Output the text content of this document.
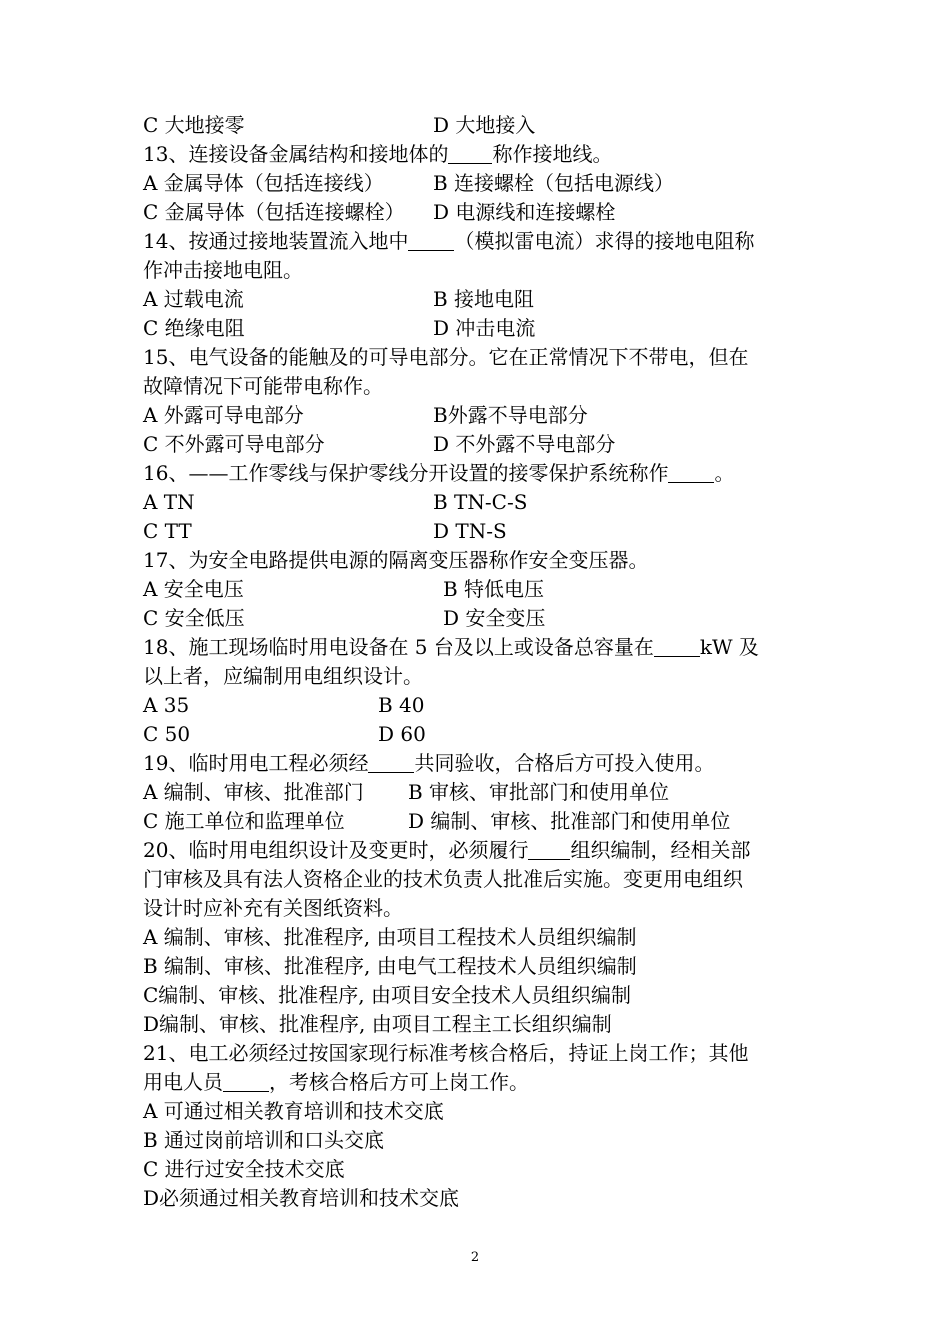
C 大地接零	D 大地接入
13、连接设备金属结构和接地体的 称作接地线。
A 金属导体（包括连接线） B 连接螺栓（包括电源线）
C 金属导体（包括连接螺栓） D 电源线和连接螺栓
14、按通过接地装置流入地中 （模拟雷电流）求得的接地电阻称
作冲击接地电阻。
A 过载电流	B 接地电阻
C 绝缘电阻	D 冲击电流
15、电气设备的能触及的可导电部分。它在正常情况下不带电，但在
故障情况下可能带电称作。
A 外露可导电部分	B外露不导电部分
C 不外露可导电部分	D 不外露不导电部分
16、——工作零线与保护零线分开设置的接零保护系统称作 。
A TN	B TN-C-S
C TT	D TN-S
17、为安全电路提供电源的隔离变压器称作安全变压器。
A 安全电压	B 特低电压
C 安全低压	D 安全变压
18、施工现场临时用电设备在 5 台及以上或设备总容量在 kW 及
以上者，应编制用电组织设计。
A 35	B 40
C 50	D 60
19、临时用电工程必须经 共同验收，合格后方可投入使用。
A 编制、审核、批准部门 B 审核、审批部门和使用单位
C 施工单位和监理单位	D 编制、审核、批准部门和使用单位
20、临时用电组织设计及变更时，必须履行 组织编制，经相关部
门审核及具有法人资格企业的技术负责人批准后实施。变更用电组织
设计时应补充有关图纸资料。
A 编制、审核、批准程序, 由项目工程技术人员组织编制
B 编制、审核、批准程序, 由电气工程技术人员组织编制
C编制、审核、批准程序, 由项目安全技术人员组织编制
D编制、审核、批准程序, 由项目工程主工长组织编制
21、电工必须经过按国家现行标准考核合格后，持证上岗工作；其他
用电人员 ，考核合格后方可上岗工作。
A 可通过相关教育培训和技术交底
B 通过岗前培训和口头交底
C 进行过安全技术交底
D必须通过相关教育培训和技术交底
2
